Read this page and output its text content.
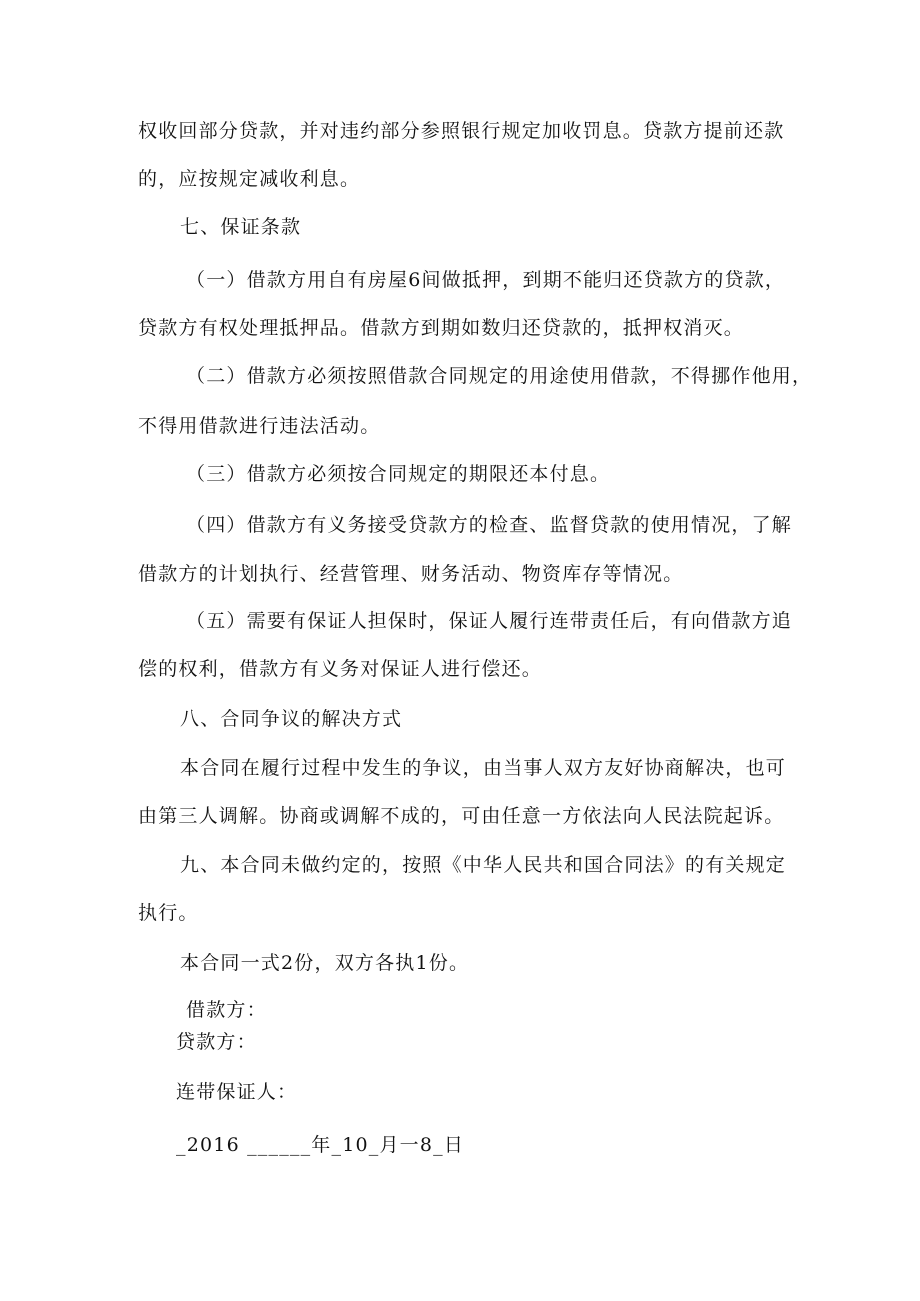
权收回部分贷款，并对违约部分参照银行规定加收罚息。贷款方提前还款
的，应按规定减收利息。
七、保证条款
（一）借款方用自有房屋6间做抵押，到期不能归还贷款方的贷款，
贷款方有权处理抵押品。借款方到期如数归还贷款的，抵押权消灭。
（二）借款方必须按照借款合同规定的用途使用借款，不得挪作他用，
不得用借款进行违法活动。
（三）借款方必须按合同规定的期限还本付息。
（四）借款方有义务接受贷款方的检查、监督贷款的使用情况，了解
借款方的计划执行、经营管理、财务活动、物资库存等情况。
（五）需要有保证人担保时，保证人履行连带责任后，有向借款方追
偿的权利，借款方有义务对保证人进行偿还。
八、合同争议的解决方式
本合同在履行过程中发生的争议，由当事人双方友好协商解决，也可
由第三人调解。协商或调解不成的，可由任意一方依法向人民法院起诉。
九、本合同未做约定的，按照《中华人民共和国合同法》的有关规定
执行。
本合同一式2份，双方各执1份。
借款方：
贷款方：
连带保证人：
_2016 ______年_10_月一8_日
